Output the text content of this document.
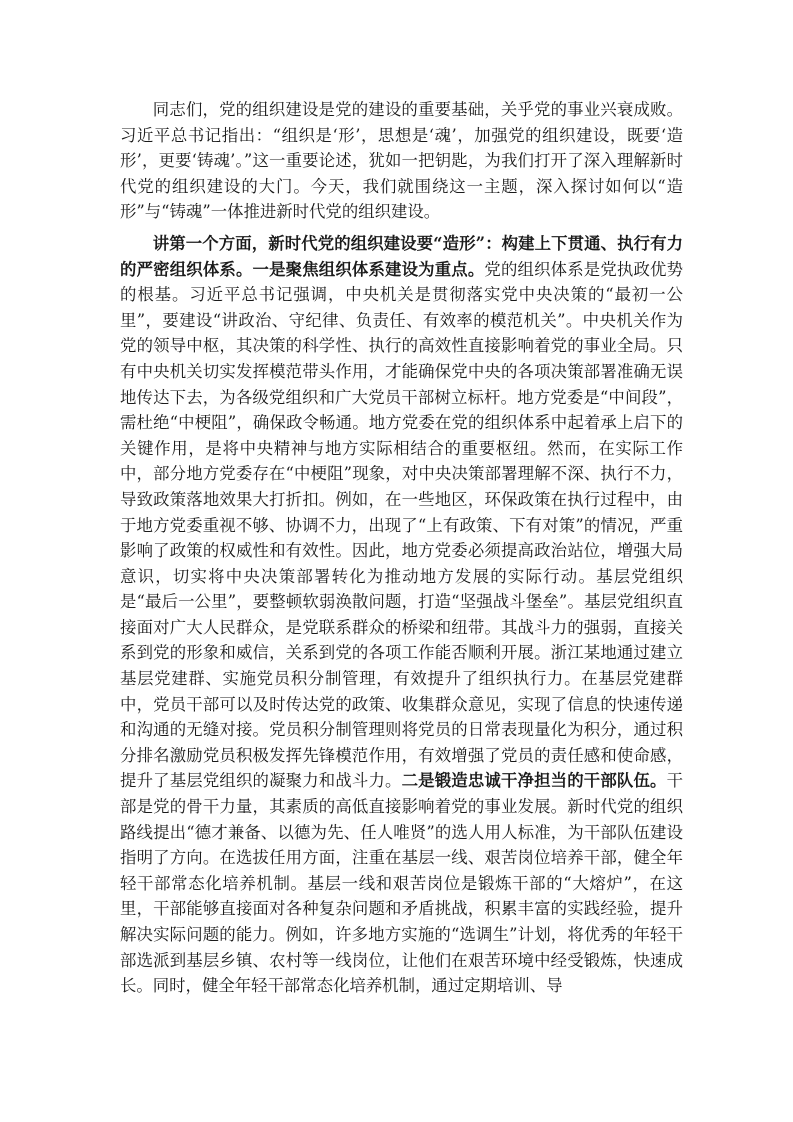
同志们，党的组织建设是党的建设的重要基础，关乎党的事业兴衰成败。习近平总书记指出：“组织是‘形’，思想是‘魂’，加强党的组织建设，既要‘造形’，更要‘铸魂’。”这一重要论述，犹如一把钥匙，为我们打开了深入理解新时代党的组织建设的大门。今天，我们就围绕这一主题，深入探讨如何以“造形”与“铸魂”一体推进新时代党的组织建设。

讲第一个方面，新时代党的组织建设要“造形”：构建上下贯通、执行有力的严密组织体系。一是聚焦组织体系建设为重点。党的组织体系是党执政优势的根基。习近平总书记强调，中央机关是贯彻落实党中央决策的“最初一公里”，要建设“讲政治、守纪律、负责任、有效率的模范机关”。中央机关作为党的领导中枢，其决策的科学性、执行的高效性直接影响着党的事业全局。只有中央机关切实发挥模范带头作用，才能确保党中央的各项决策部署准确无误地传达下去，为各级党组织和广大党员干部树立标杆。地方党委是“中间段”，需杜绝“中梗阻”，确保政令畅通。地方党委在党的组织体系中起着承上启下的关键作用，是将中央精神与地方实际相结合的重要枢纽。然而，在实际工作中，部分地方党委存在“中梗阻”现象，对中央决策部署理解不深、执行不力，导致政策落地效果大打折扣。例如，在一些地区，环保政策在执行过程中，由于地方党委重视不够、协调不力，出现了“上有政策、下有对策”的情况，严重影响了政策的权威性和有效性。因此，地方党委必须提高政治站位，增强大局意识，切实将中央决策部署转化为推动地方发展的实际行动。基层党组织是“最后一公里”，要整顿软弱涣散问题，打造“坚强战斗堡垒”。基层党组织直接面对广大人民群众，是党联系群众的桥梁和纽带。其战斗力的强弱，直接关系到党的形象和威信，关系到党的各项工作能否顺利开展。浙江某地通过建立基层党建群、实施党员积分制管理，有效提升了组织执行力。在基层党建群中，党员干部可以及时传达党的政策、收集群众意见，实现了信息的快速传递和沟通的无缝对接。党员积分制管理则将党员的日常表现量化为积分，通过积分排名激励党员积极发挥先锋模范作用，有效增强了党员的责任感和使命感，提升了基层党组织的凝聚力和战斗力。二是锻造忠诚干净担当的干部队伍。干部是党的骨干力量，其素质的高低直接影响着党的事业发展。新时代党的组织路线提出“德才兼备、以德为先、任人唯贤”的选人用人标准，为干部队伍建设指明了方向。在选拔任用方面，注重在基层一线、艰苦岗位培养干部，健全年轻干部常态化培养机制。基层一线和艰苦岗位是锻炼干部的“大熔炉”，在这里，干部能够直接面对各种复杂问题和矛盾挑战，积累丰富的实践经验，提升解决实际问题的能力。例如，许多地方实施的“选调生”计划，将优秀的年轻干部选派到基层乡镇、农村等一线岗位，让他们在艰苦环境中经受锻炼，快速成长。同时，健全年轻干部常态化培养机制，通过定期培训、导
